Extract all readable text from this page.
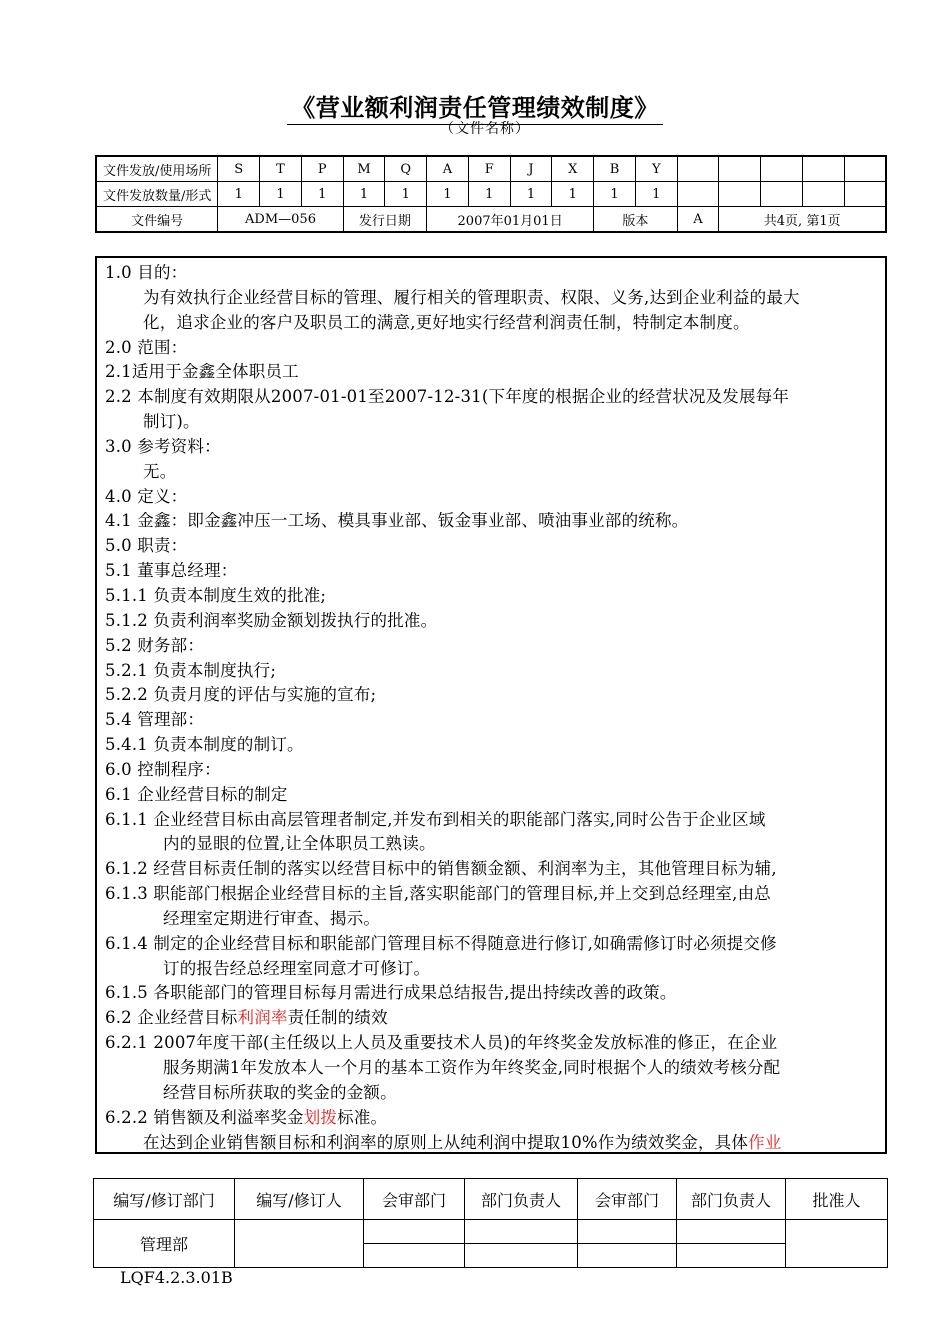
《营业额利润责任管理绩效制度》
（文件名称）
文件发放/使用场所	S	T	P	M	Q	A	F	J	X	B	Y					
文件发放数量/形式	1	1	1	1	1	1	1	1	1	1	1					
文件编号	ADM—056			发行日期		2007年01月01日				版本		A	共4页, 第1页			
1.0 目的：
为有效执行企业经营目标的管理、履行相关的管理职责、权限、义务,达到企业利益的最大
化，追求企业的客户及职员工的满意,更好地实行经营利润责任制，特制定本制度。
2.0 范围：
2.1适用于金鑫全体职员工
2.2 本制度有效期限从2007-01-01至2007-12-31(下年度的根据企业的经营状况及发展每年
制订)。
3.0 参考资料：
无。
4.0 定义：
4.1 金鑫：即金鑫冲压一工场、模具事业部、钣金事业部、喷油事业部的统称。
5.0 职责：
5.1 董事总经理：
5.1.1 负责本制度生效的批准;
5.1.2 负责利润率奖励金额划拨执行的批准。
5.2 财务部：
5.2.1 负责本制度执行;
5.2.2 负责月度的评估与实施的宣布;
5.4 管理部：
5.4.1 负责本制度的制订。
6.0 控制程序：
6.1 企业经营目标的制定
6.1.1 企业经营目标由高层管理者制定,并发布到相关的职能部门落实,同时公告于企业区域
内的显眼的位置,让全体职员工熟读。
6.1.2 经营目标责任制的落实以经营目标中的销售额金额、利润率为主，其他管理目标为辅,
6.1.3 职能部门根据企业经营目标的主旨,落实职能部门的管理目标,并上交到总经理室,由总
经理室定期进行审查、揭示。
6.1.4 制定的企业经营目标和职能部门管理目标不得随意进行修订,如确需修订时必须提交修
订的报告经总经理室同意才可修订。
6.1.5 各职能部门的管理目标每月需进行成果总结报告,提出持续改善的政策。
6.2 企业经营目标利润率责任制的绩效
6.2.1 2007年度干部(主任级以上人员及重要技术人员)的年终奖金发放标准的修正，在企业
服务期满1年发放本人一个月的基本工资作为年终奖金,同时根据个人的绩效考核分配
经营目标所获取的奖金的金额。
6.2.2 销售额及利溢率奖金划拨标准。
在达到企业销售额目标和利润率的原则上从纯利润中提取10%作为绩效奖金，具体作业
编写/修订部门	编写/修订人	会审部门	部门负责人	会审部门	部门负责人	批准人
管理部						

LQF4.2.3.01B
